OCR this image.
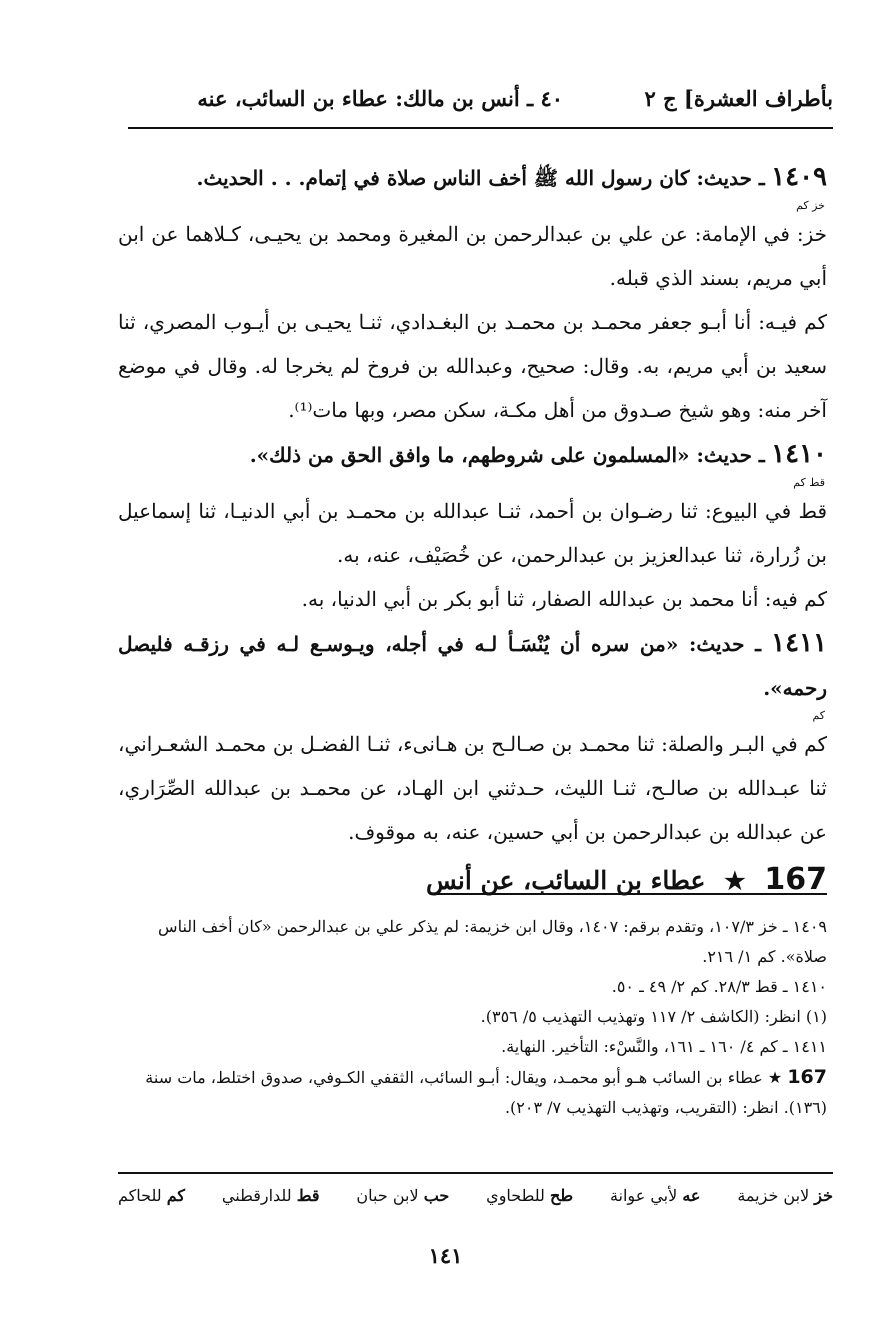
بأطراف العشرة] ج ٢
٤٠ ـ أنس بن مالك: عطاء بن السائب، عنه
١٤٠٩ ـ حديث: كان رسول الله ﷺ أخف الناس صلاة في إتمام. . . الحديث.
خز كم

خز: في الإمامة: عن علي بن عبدالرحمن بن المغيرة ومحمد بن يحيـى، كـلاهما عن ابن أبي مريم، بسند الذي قبله.

كم فيـه: أنا أبـو جعفر محمـد بن محمـد بن البغـدادي، ثنـا يحيـى بن أيـوب المصري، ثنا سعيد بن أبي مريم، به. وقال: صحيح، وعبدالله بن فروخ لم يخرجا له. وقال في موضع آخر منه: وهو شيخ صـدوق من أهل مكـة، سكن مصر، وبها مات⁽¹⁾.

١٤١٠ ـ حديث: «المسلمون على شروطهم، ما وافق الحق من ذلك».
قط كم

قط في البيوع: ثنا رضـوان بن أحمد، ثنـا عبدالله بن محمـد بن أبي الدنيـا، ثنا إسماعيل بن زُرارة، ثنا عبدالعزيز بن عبدالرحمن، عن خُصَيْف، عنه، به.

كم فيه: أنا محمد بن عبدالله الصفار، ثنا أبو بكر بن أبي الدنيا، به.

١٤١١ ـ حديث: «من سره أن يُنْسَـأ لـه في أجله، ويـوسـع لـه في رزقـه فليصل رحمه».
كم

كم في البـر والصلة: ثنا محمـد بن صـالـح بن هـانىء، ثنـا الفضـل بن محمـد الشعـراني، ثنا عبـدالله بن صالـح، ثنـا الليث، حـدثني ابن الهـاد، عن محمـد بن عبدالله الصِّرَاري، عن عبدالله بن عبدالرحمن بن أبي حسين، عنه، به موقوف.

167 ★ عطاء بن السائب، عن أنس

١٤٠٩ ـ خز ١٠٧/٣، وتقدم برقم: ١٤٠٧، وقال ابن خزيمة: لم يذكر علي بن عبدالرحمن «كان أخف الناس صلاة». كم ١/ ٢١٦.

١٤١٠ ـ قط ٢٨/٣. كم ٢/ ٤٩ ـ ٥٠.

(١) انظر: (الكاشف ٢/ ١١٧ وتهذيب التهذيب ٥/ ٣٥٦).

١٤١١ ـ كم ٤/ ١٦٠ ـ ١٦١، والنَّسْء: التأخير. النهاية.

167 ★ عطاء بن السائب هـو أبو محمـد، ويقال: أبـو السائب، الثقفي الكـوفي، صدوق اختلط، مات سنة (١٣٦). انظر: (التقريب، وتهذيب التهذيب ٧/ ٢٠٣).

خز لابن خزيمة
عه لأبي عوانة
طح للطحاوي
حب لابن حبان
قط للدارقطني
كم للحاكم
١٤١
